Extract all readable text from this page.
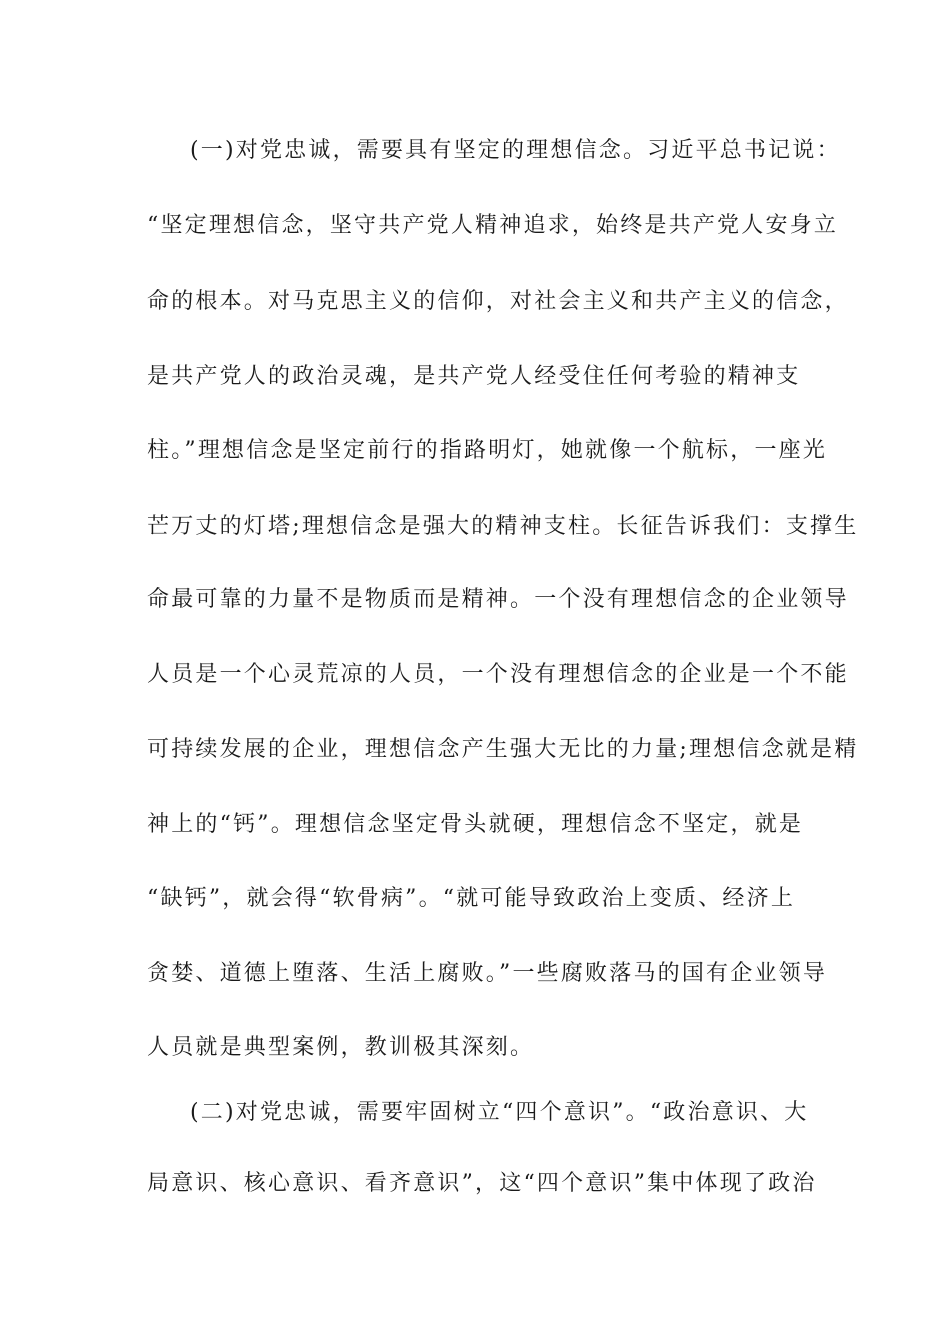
(一)对党忠诚，需要具有坚定的理想信念。习近平总书记说：
“坚定理想信念，坚守共产党人精神追求，始终是共产党人安身立
命的根本。对马克思主义的信仰，对社会主义和共产主义的信念，
是共产党人的政治灵魂，是共产党人经受住任何考验的精神支
柱。”理想信念是坚定前行的指路明灯，她就像一个航标，一座光
芒万丈的灯塔;理想信念是强大的精神支柱。长征告诉我们：支撑生
命最可靠的力量不是物质而是精神。一个没有理想信念的企业领导
人员是一个心灵荒凉的人员，一个没有理想信念的企业是一个不能
可持续发展的企业，理想信念产生强大无比的力量;理想信念就是精
神上的“钙”。理想信念坚定骨头就硬，理想信念不坚定，就是
“缺钙”，就会得“软骨病”。“就可能导致政治上变质、经济上
贪婪、道德上堕落、生活上腐败。”一些腐败落马的国有企业领导
人员就是典型案例，教训极其深刻。
(二)对党忠诚，需要牢固树立“四个意识”。“政治意识、大
局意识、核心意识、看齐意识”，这“四个意识”集中体现了政治
